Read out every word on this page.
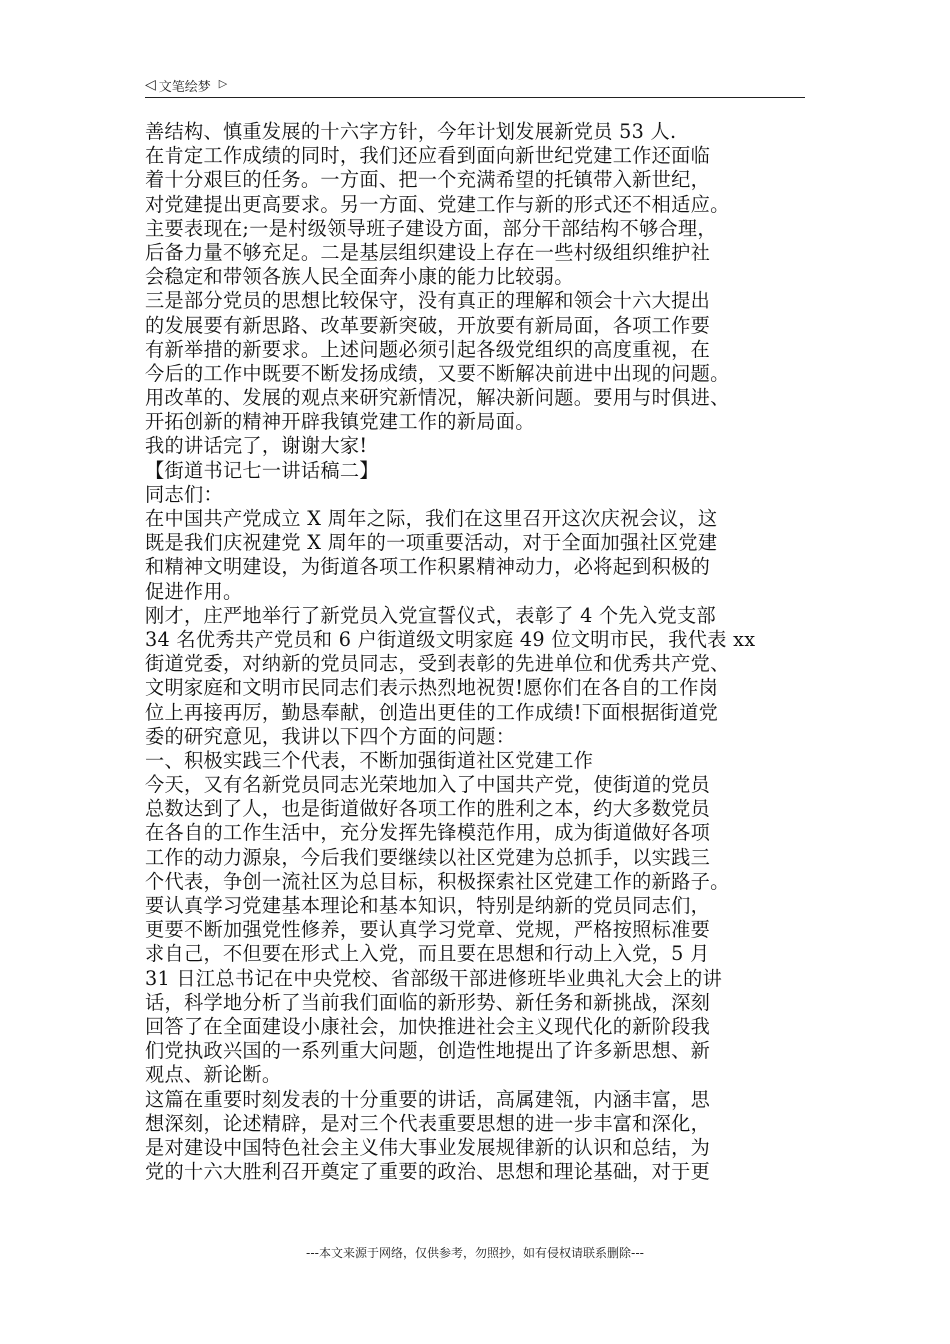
◁ 文笔绘梦 ▷
善结构、慎重发展的十六字方针，今年计划发展新党员 53 人.
在肯定工作成绩的同时，我们还应看到面向新世纪党建工作还面临
着十分艰巨的任务。一方面、把一个充满希望的托镇带入新世纪，
对党建提出更高要求。另一方面、党建工作与新的形式还不相适应。
主要表现在;一是村级领导班子建设方面，部分干部结构不够合理，
后备力量不够充足。二是基层组织建设上存在一些村级组织维护社
会稳定和带领各族人民全面奔小康的能力比较弱。
三是部分党员的思想比较保守，没有真正的理解和领会十六大提出
的发展要有新思路、改革要新突破，开放要有新局面，各项工作要
有新举措的新要求。上述问题必须引起各级党组织的高度重视，在
今后的工作中既要不断发扬成绩，又要不断解决前进中出现的问题。
用改革的、发展的观点来研究新情况，解决新问题。要用与时俱进、
开拓创新的精神开辟我镇党建工作的新局面。
我的讲话完了，谢谢大家!
【街道书记七一讲话稿二】
同志们：
在中国共产党成立 X 周年之际，我们在这里召开这次庆祝会议，这
既是我们庆祝建党 X 周年的一项重要活动，对于全面加强社区党建
和精神文明建设，为街道各项工作积累精神动力，必将起到积极的
促进作用。
刚才，庄严地举行了新党员入党宣誓仪式，表彰了 4 个先入党支部
34 名优秀共产党员和 6 户街道级文明家庭 49 位文明市民，我代表 xx
街道党委，对纳新的党员同志，受到表彰的先进单位和优秀共产党、
文明家庭和文明市民同志们表示热烈地祝贺!愿你们在各自的工作岗
位上再接再厉，勤恳奉献，创造出更佳的工作成绩!下面根据街道党
委的研究意见，我讲以下四个方面的问题：
一、积极实践三个代表，不断加强街道社区党建工作
今天，又有名新党员同志光荣地加入了中国共产党，使街道的党员
总数达到了人，也是街道做好各项工作的胜利之本，约大多数党员
在各自的工作生活中，充分发挥先锋模范作用，成为街道做好各项
工作的动力源泉，今后我们要继续以社区党建为总抓手，以实践三
个代表，争创一流社区为总目标，积极探索社区党建工作的新路子。
要认真学习党建基本理论和基本知识，特别是纳新的党员同志们，
更要不断加强党性修养，要认真学习党章、党规，严格按照标准要
求自己，不但要在形式上入党，而且要在思想和行动上入党，5 月
31 日江总书记在中央党校、省部级干部进修班毕业典礼大会上的讲
话，科学地分析了当前我们面临的新形势、新任务和新挑战，深刻
回答了在全面建设小康社会，加快推进社会主义现代化的新阶段我
们党执政兴国的一系列重大问题，创造性地提出了许多新思想、新
观点、新论断。
这篇在重要时刻发表的十分重要的讲话，高属建瓴，内涵丰富，思
想深刻，论述精辟，是对三个代表重要思想的进一步丰富和深化，
是对建设中国特色社会主义伟大事业发展规律新的认识和总结，为
党的十六大胜利召开奠定了重要的政治、思想和理论基础，对于更
---本文来源于网络，仅供参考，勿照抄，如有侵权请联系删除---
